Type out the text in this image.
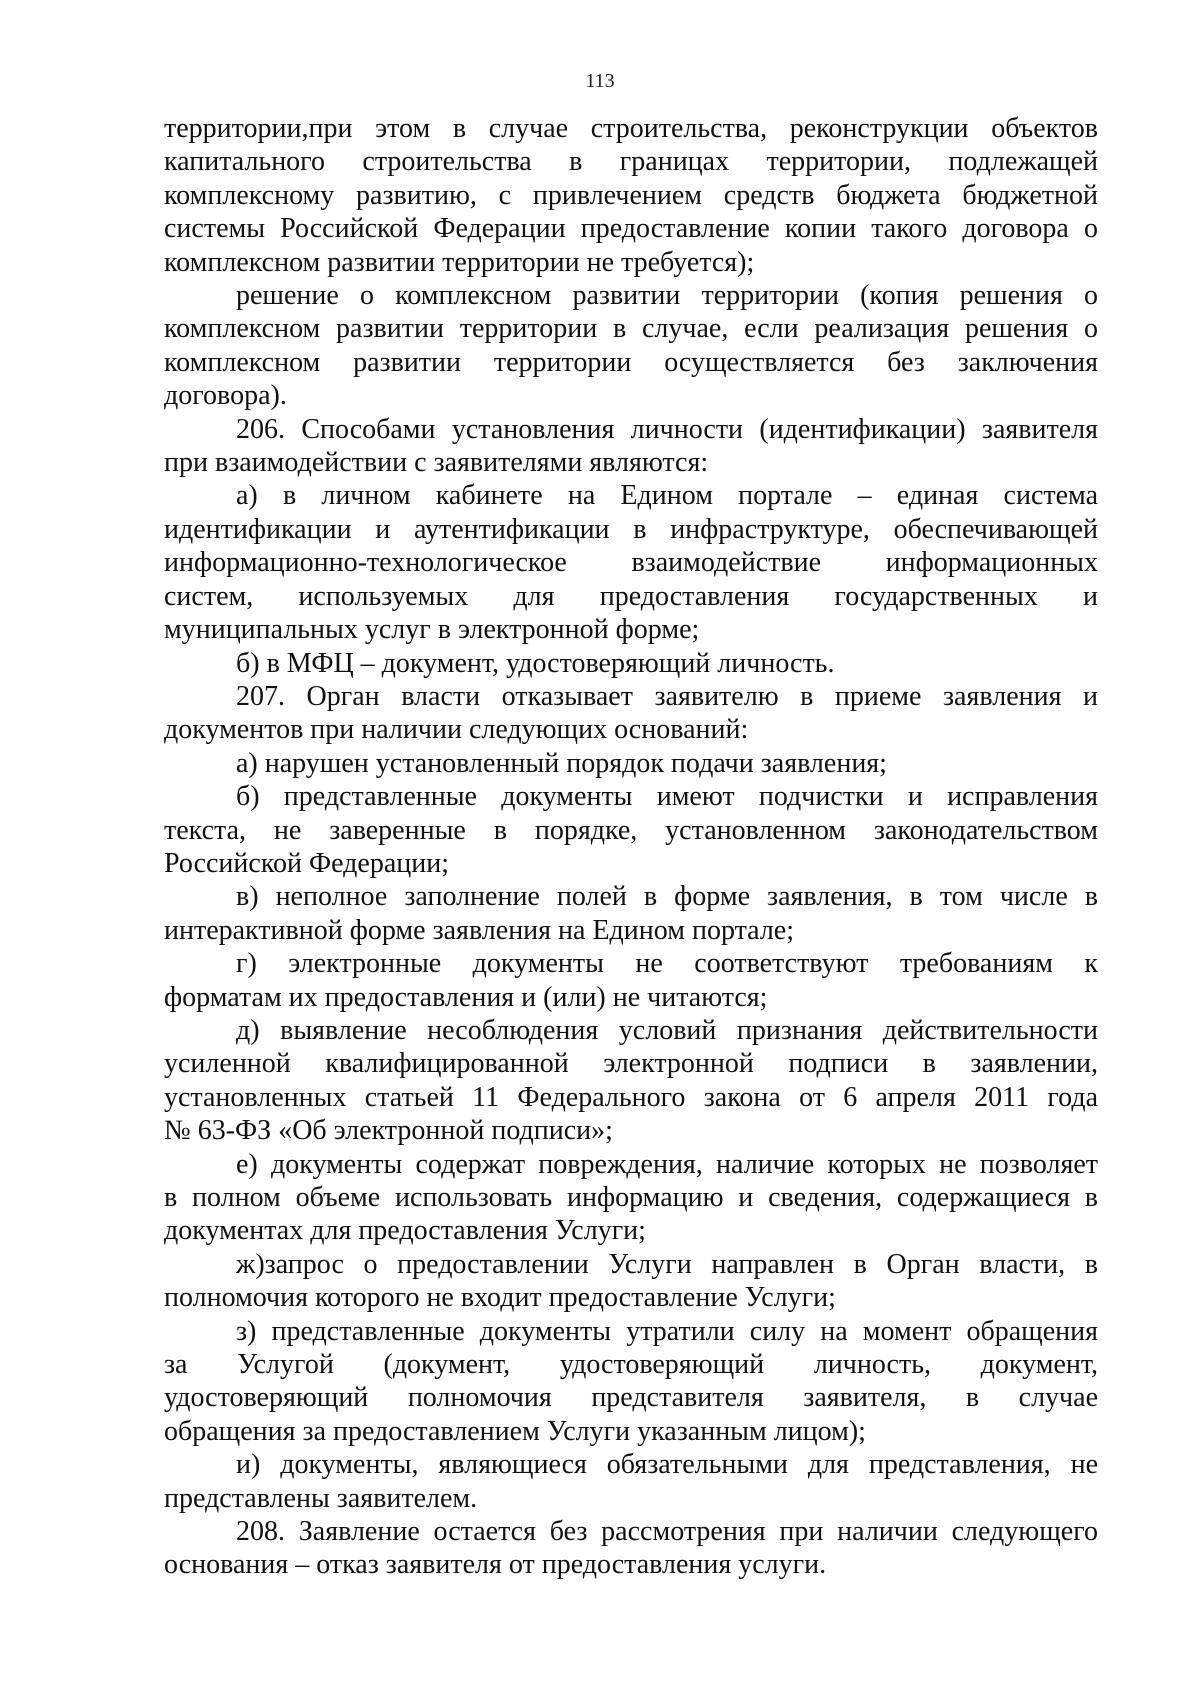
113
территории,при этом в случае строительства, реконструкции объектов
капитального строительства в границах территории, подлежащей
комплексному развитию, с привлечением средств бюджета бюджетной
системы Российской Федерации предоставление копии такого договора о
комплексном развитии территории не требуется);
решение о комплексном развитии территории (копия решения о
комплексном развитии территории в случае, если реализация решения о
комплексном развитии территории осуществляется без заключения
договора).
206. Способами установления личности (идентификации) заявителя
при взаимодействии с заявителями являются:
а) в личном кабинете на Едином портале – единая система
идентификации и аутентификации в инфраструктуре, обеспечивающей
информационно-технологическое взаимодействие информационных
систем, используемых для предоставления государственных и
муниципальных услуг в электронной форме;
б) в МФЦ – документ, удостоверяющий личность.
207. Орган власти отказывает заявителю в приеме заявления и
документов при наличии следующих оснований:
а) нарушен установленный порядок подачи заявления;
б) представленные документы имеют подчистки и исправления
текста, не заверенные в порядке, установленном законодательством
Российской Федерации;
в) неполное заполнение полей в форме заявления, в том числе в
интерактивной форме заявления на Едином портале;
г) электронные документы не соответствуют требованиям к
форматам их предоставления и (или) не читаются;
д) выявление несоблюдения условий признания действительности
усиленной квалифицированной электронной подписи в заявлении,
установленных статьей 11 Федерального закона от 6 апреля 2011 года
№ 63-ФЗ «Об электронной подписи»;
е) документы содержат повреждения, наличие которых не позволяет
в полном объеме использовать информацию и сведения, содержащиеся в
документах для предоставления Услуги;
ж)запрос о предоставлении Услуги направлен в Орган власти, в
полномочия которого не входит предоставление Услуги;
з) представленные документы утратили силу на момент обращения
за Услугой (документ, удостоверяющий личность, документ,
удостоверяющий полномочия представителя заявителя, в случае
обращения за предоставлением Услуги указанным лицом);
и) документы, являющиеся обязательными для представления, не
представлены заявителем.
208. Заявление остается без рассмотрения при наличии следующего
основания – отказ заявителя от предоставления услуги.
